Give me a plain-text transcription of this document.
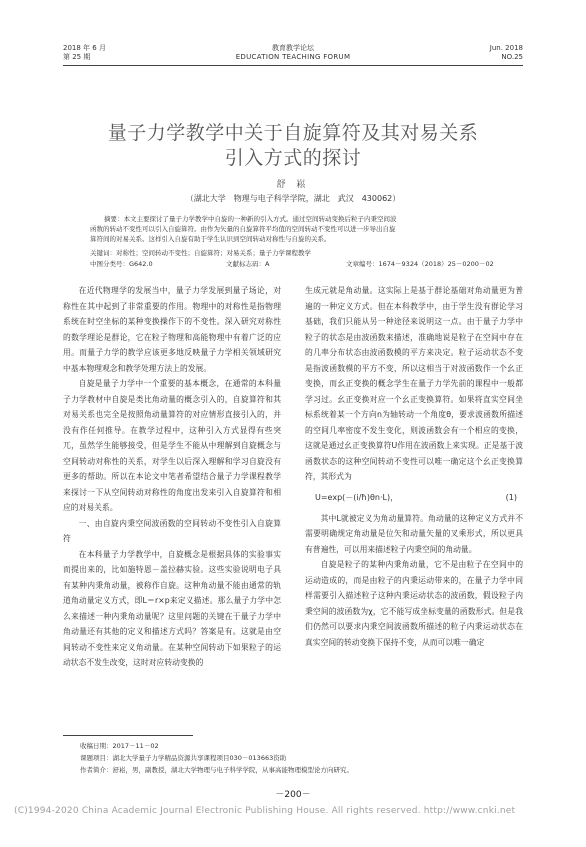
2018 年 6 月
第 25 期
教育教学论坛
EDUCATION TEACHING FORUM
Jun. 2018
NO.25
量子力学教学中关于自旋算符及其对易关系
引入方式的探讨
舒 崧
（湖北大学　物理与电子科学学院，湖北　武汉　430062）
摘要：本文主要探讨了量子力学教学中自旋的一种新的引入方式。通过空间转动变换后粒子内秉空间波
函数的转动不变性可以引入自旋算符。由作为矢量的自旋算符平均值的空间转动不变性可以进一步导出自旋
算符间的对易关系。这样引入自旋有助于学生认识到空间转动对称性与自旋的关系。
关键词：对称性；空间转动不变性；自旋算符；对易关系；量子力学课程教学
中图分类号：G642.0	文献标志码：A	文章编号：1674－9324（2018）25－0200－02

在近代物理学的发展当中，量子力学发展到量子场论，对称性在其中起到了非常重要的作用。物理中的对称性是指物理系统在时空坐标的某种变换操作下的不变性。深入研究对称性的数学理论是群论，它在粒子物理和高能物理中有着广泛的应用。而量子力学的教学应该更多地反映量子力学相关领域研究中基本物理观念和教学处理方法上的发展。

自旋是量子力学中一个重要的基本概念，在通常的本科量子力学教材中自旋是类比角动量的概念引入的，自旋算符和其对易关系也完全是按照角动量算符的对应情形直接引入的，并没有作任何推导。在教学过程中，这种引入方式显得有些突兀，虽然学生能够接受，但是学生不能从中理解到自旋概念与空间转动对称性的关系，对学生以后深入理解和学习自旋没有更多的帮助。所以在本论文中笔者希望结合量子力学课程教学来探讨一下从空间转动对称性的角度出发来引入自旋算符和相应的对易关系。

一、由自旋内秉空间波函数的空间转动不变性引入自旋算符

在本科量子力学教学中，自旋概念是根据具体的实验事实而提出来的，比如施特恩－盖拉赫实验。这些实验说明电子具有某种内秉角动量，被称作自旋。这种角动量不能由通常的轨道角动量定义方式，即L＝r×p来定义描述。那么量子力学中怎么来描述一种内秉角动量呢？这里问题的关键在于量子力学中角动量还有其他的定义和描述方式吗？答案是有。这就是由空间转动不变性来定义角动量。在某种空间转动下如果粒子的运动状态不发生改变，这时对应转动变换的

生成元就是角动量。这实际上是基于群论基础对角动量更为普遍的一种定义方式。但在本科教学中，由于学生没有群论学习基础，我们只能从另一种途径来说明这一点。由于量子力学中粒子的状态是由波函数来描述，准确地说是粒子在空间中存在的几率分布状态由波函数模的平方来决定。粒子运动状态不变是指波函数模的平方不变，所以这相当于对波函数作一个幺正变换，而幺正变换的概念学生在量子力学先前的课程中一般都学习过。幺正变换对应一个幺正变换算符。如果将直实空间坐标系统着某一个方向n为轴转动一个角度θ，要求波函数所描述的空间几率密度不发生变化，则波函数会有一个相应的变换，这就是通过幺正变换算符U作用在波函数上来实现。正是基于波函数状态的这种空间转动不变性可以唯一确定这个幺正变换算符，其形式为

U=exp(－(i/ħ)θn·L)，	(1)

其中L就被定义为角动量算符。角动量的这种定义方式并不需要明确规定角动量是位矢和动量矢量的叉乘形式，所以更具有普遍性，可以用来描述粒子内秉空间的角动量。

自旋是粒子的某种内秉角动量，它不是由粒子在空间中的运动造成的，而是由粒子的内秉运动带来的，在量子力学中同样需要引入描述粒子这种内秉运动状态的波函数，假设粒子内秉空间的波函数为χ，它不能写成坐标变量的函数形式。但是我们仍然可以要求内秉空间波函数所描述的粒子内秉运动状态在真实空间的转动变换下保持不变，从而可以唯一确定

收稿日期：2017－11－02
课题项目：湖北大学量子力学精品资源共享课程项目030－013663资助
作者简介：舒崧，男，副教授，湖北大学物理与电子科学学院，从事高能物理模型论方向研究。
－200－
(C)1994-2020 China Academic Journal Electronic Publishing House. All rights reserved. http://www.cnki.net
